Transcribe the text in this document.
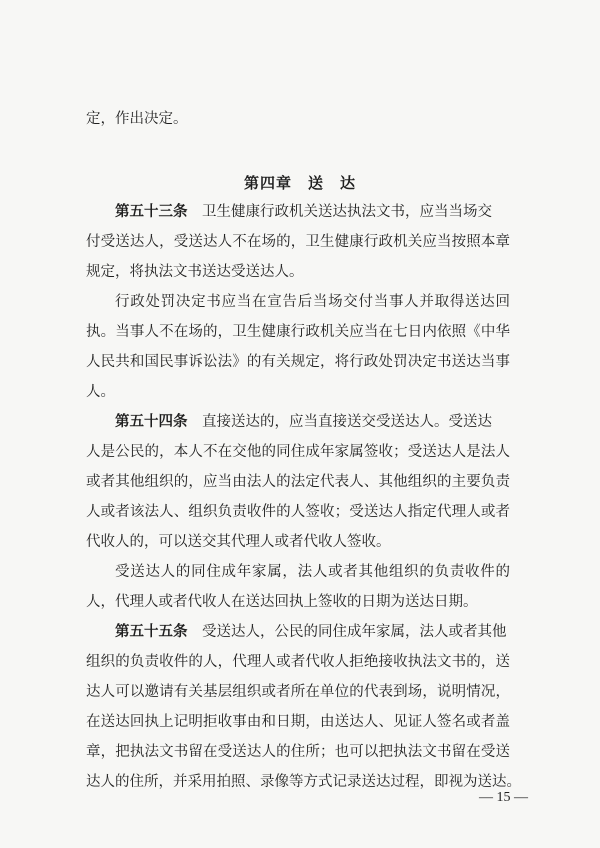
定，作出决定。
第四章　送　达
第五十三条　 卫生健康行政机关送达执法文书，应当当场交
付受送达人，受送达人不在场的，卫生健康行政机关应当按照本章
规定，将执法文书送达受送达人。
行政处罚决定书应当在宣告后当场交付当事人并取得送达回
执。当事人不在场的，卫生健康行政机关应当在七日内依照《中华
人民共和国民事诉讼法》的有关规定，将行政处罚决定书送达当事
人。
第五十四条　 直接送达的，应当直接送交受送达人。受送达
人是公民的，本人不在交他的同住成年家属签收；受送达人是法人
或者其他组织的，应当由法人的法定代表人、其他组织的主要负责
人或者该法人、组织负责收件的人签收；受送达人指定代理人或者
代收人的，可以送交其代理人或者代收人签收。
受送达人的同住成年家属，法人或者其他组织的负责收件的
人，代理人或者代收人在送达回执上签收的日期为送达日期。
第五十五条　 受送达人，公民的同住成年家属，法人或者其他
组织的负责收件的人，代理人或者代收人拒绝接收执法文书的，送
达人可以邀请有关基层组织或者所在单位的代表到场，说明情况，
在送达回执上记明拒收事由和日期，由送达人、见证人签名或者盖
章，把执法文书留在受送达人的住所；也可以把执法文书留在受送
达人的住所，并采用拍照、录像等方式记录送达过程，即视为送达。
— 15 —
